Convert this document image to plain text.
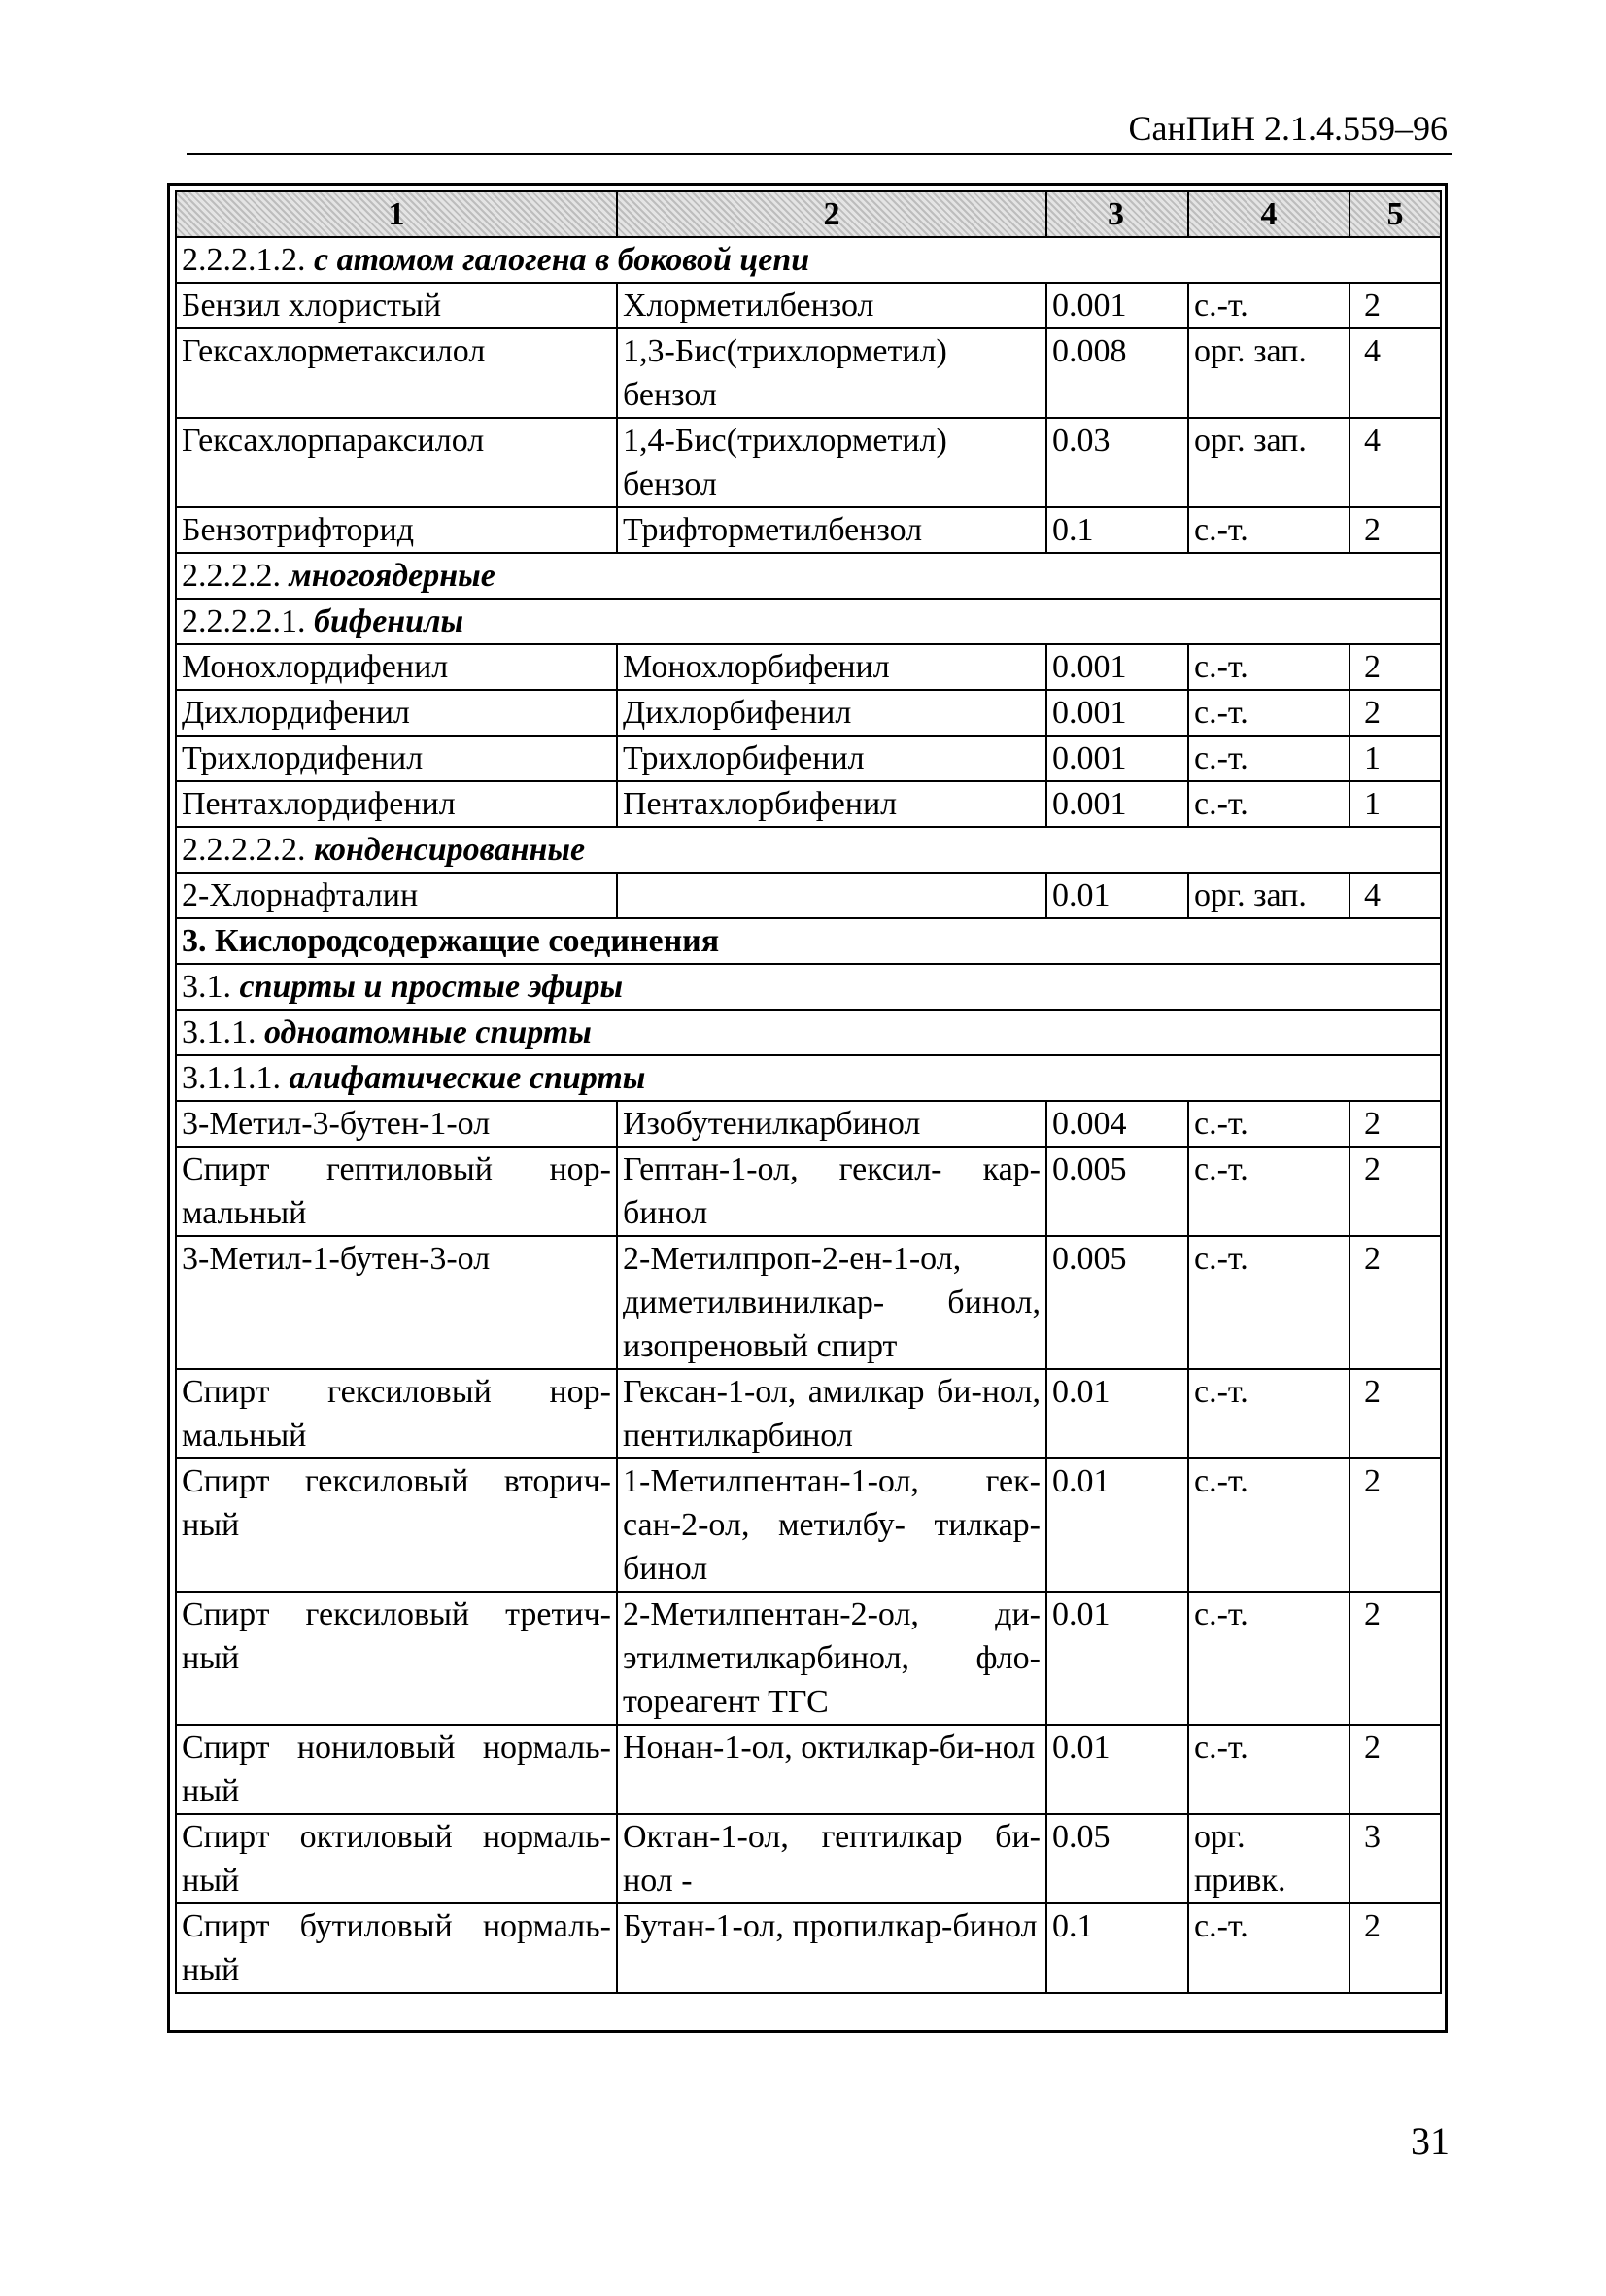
СанПиН 2.1.4.559–96
1	2	3	4	5
2.2.2.1.2. с атомом галогена в боковой цепи				
Бензил хлористый	Хлорметилбензол	0.001	с.-т.	2
Гексахлорметаксилол	1,3-Бис(трихлорметил) бензол	0.008	орг. зап.	4
Гексахлорпараксилол	1,4-Бис(трихлорметил) бензол	0.03	орг. зап.	4
Бензотрифторид	Трифторметилбензол	0.1	с.-т.	2
2.2.2.2. многоядерные				
2.2.2.2.1. бифенилы				
Монохлордифенил	Монохлорбифенил	0.001	с.-т.	2
Дихлордифенил	Дихлорбифенил	0.001	с.-т.	2
Трихлордифенил	Трихлорбифенил	0.001	с.-т.	1
Пентахлордифенил	Пентахлорбифенил	0.001	с.-т.	1
2.2.2.2.2. конденсированные				
2-Хлорнафталин		0.01	орг. зап.	4
3. Кислородсодержащие соединения				
3.1. спирты и простые эфиры				
3.1.1. одноатомные спирты				
3.1.1.1. алифатические спирты				
3-Метил-3-бутен-1-ол	Изобутенилкарбинол	0.004	с.-т.	2
Спирт гептиловый нор-мальный	Гептан-1-ол, гексил- кар-бинол	0.005	с.-т.	2
3-Метил-1-бутен-3-ол	2-Метилпроп-2-ен-1-ол, диметилвинилкар- бинол, изопреновый спирт	0.005	с.-т.	2
Спирт гексиловый нор-мальный	Гексан-1-ол, амилкар би-нол, пентилкарбинол	0.01	с.-т.	2
Спирт гексиловый вторич-ный	1-Метилпентан-1-ол, гек-сан-2-ол, метилбу- тилкар-бинол	0.01	с.-т.	2
Спирт гексиловый третич-ный	2-Метилпентан-2-ол, ди-этилметилкарбинол, фло-тореагент ТГС	0.01	с.-т.	2
Спирт нониловый нормаль-ный	Нонан-1-ол, октилкар-би-нол	0.01	с.-т.	2
Спирт октиловый нормаль-ный	Октан-1-ол, гептилкар би-нол -	0.05	орг. привк.	3
Спирт бутиловый нормаль-ный	Бутан-1-ол, пропилкар-бинол	0.1	с.-т.	2
31
